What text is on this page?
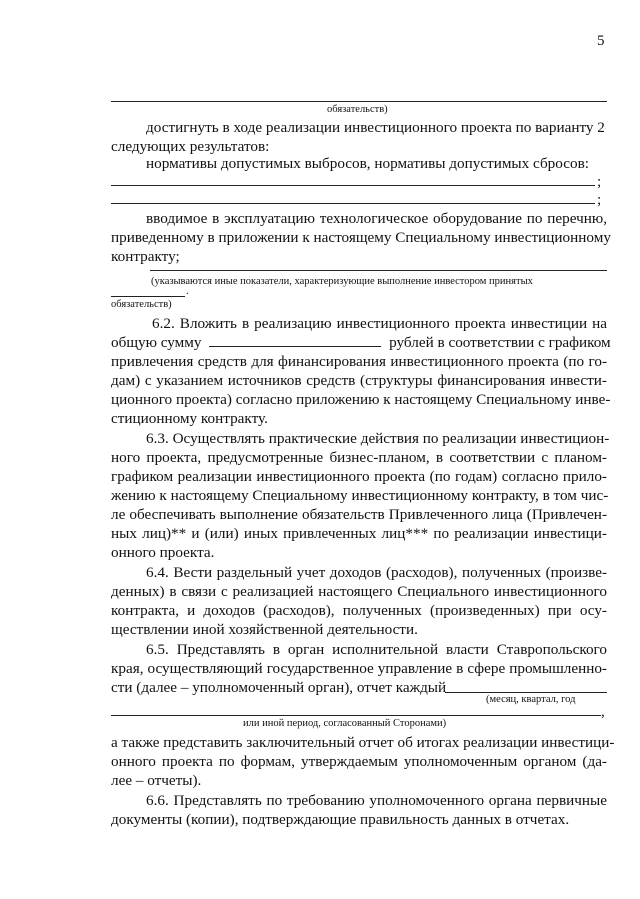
5
обязательств)
достигнуть в ходе реализации инвестиционного проекта по варианту 2
следующих результатов:
нормативы допустимых выбросов, нормативы допустимых сбросов:
;
;
вводимое в эксплуатацию технологическое оборудование по перечню,
приведенному в приложении к настоящему Специальному инвестиционному
контракту;
(указываются иные показатели, характеризующие выполнение инвестором принятых
.
обязательств)
6.2. Вложить в реализацию инвестиционного проекта инвестиции на
общую сумму	рублей в соответствии с графиком
привлечения средств для финансирования инвестиционного проекта (по го-
дам) с указанием источников средств (структуры финансирования инвести-
ционного проекта) согласно приложению к настоящему Специальному инве-
стиционному контракту.
6.3. Осуществлять практические действия по реализации инвестицион-
ного проекта, предусмотренные бизнес-планом, в соответствии с планом-
графиком реализации инвестиционного проекта (по годам) согласно прило-
жению к настоящему Специальному инвестиционному контракту, в том чис-
ле обеспечивать выполнение обязательств Привлеченного лица (Привлечен-
ных лиц)** и (или) иных привлеченных лиц*** по реализации инвестици-
онного проекта.
6.4. Вести раздельный учет доходов (расходов), полученных (произве-
денных) в связи с реализацией настоящего Специального инвестиционного
контракта, и доходов (расходов), полученных (произведенных) при осу-
ществлении иной хозяйственной деятельности.
6.5. Представлять в орган исполнительной власти Ставропольского
края, осуществляющий государственное управление в сфере промышленно-
сти (далее – уполномоченный орган), отчет каждый
(месяц, квартал, год
,
или иной период, согласованный Сторонами)
а также представить заключительный отчет об итогах реализации инвестици-
онного проекта по формам, утверждаемым уполномоченным органом (да-
лее – отчеты).
6.6. Представлять по требованию уполномоченного органа первичные
документы (копии), подтверждающие правильность данных в отчетах.
